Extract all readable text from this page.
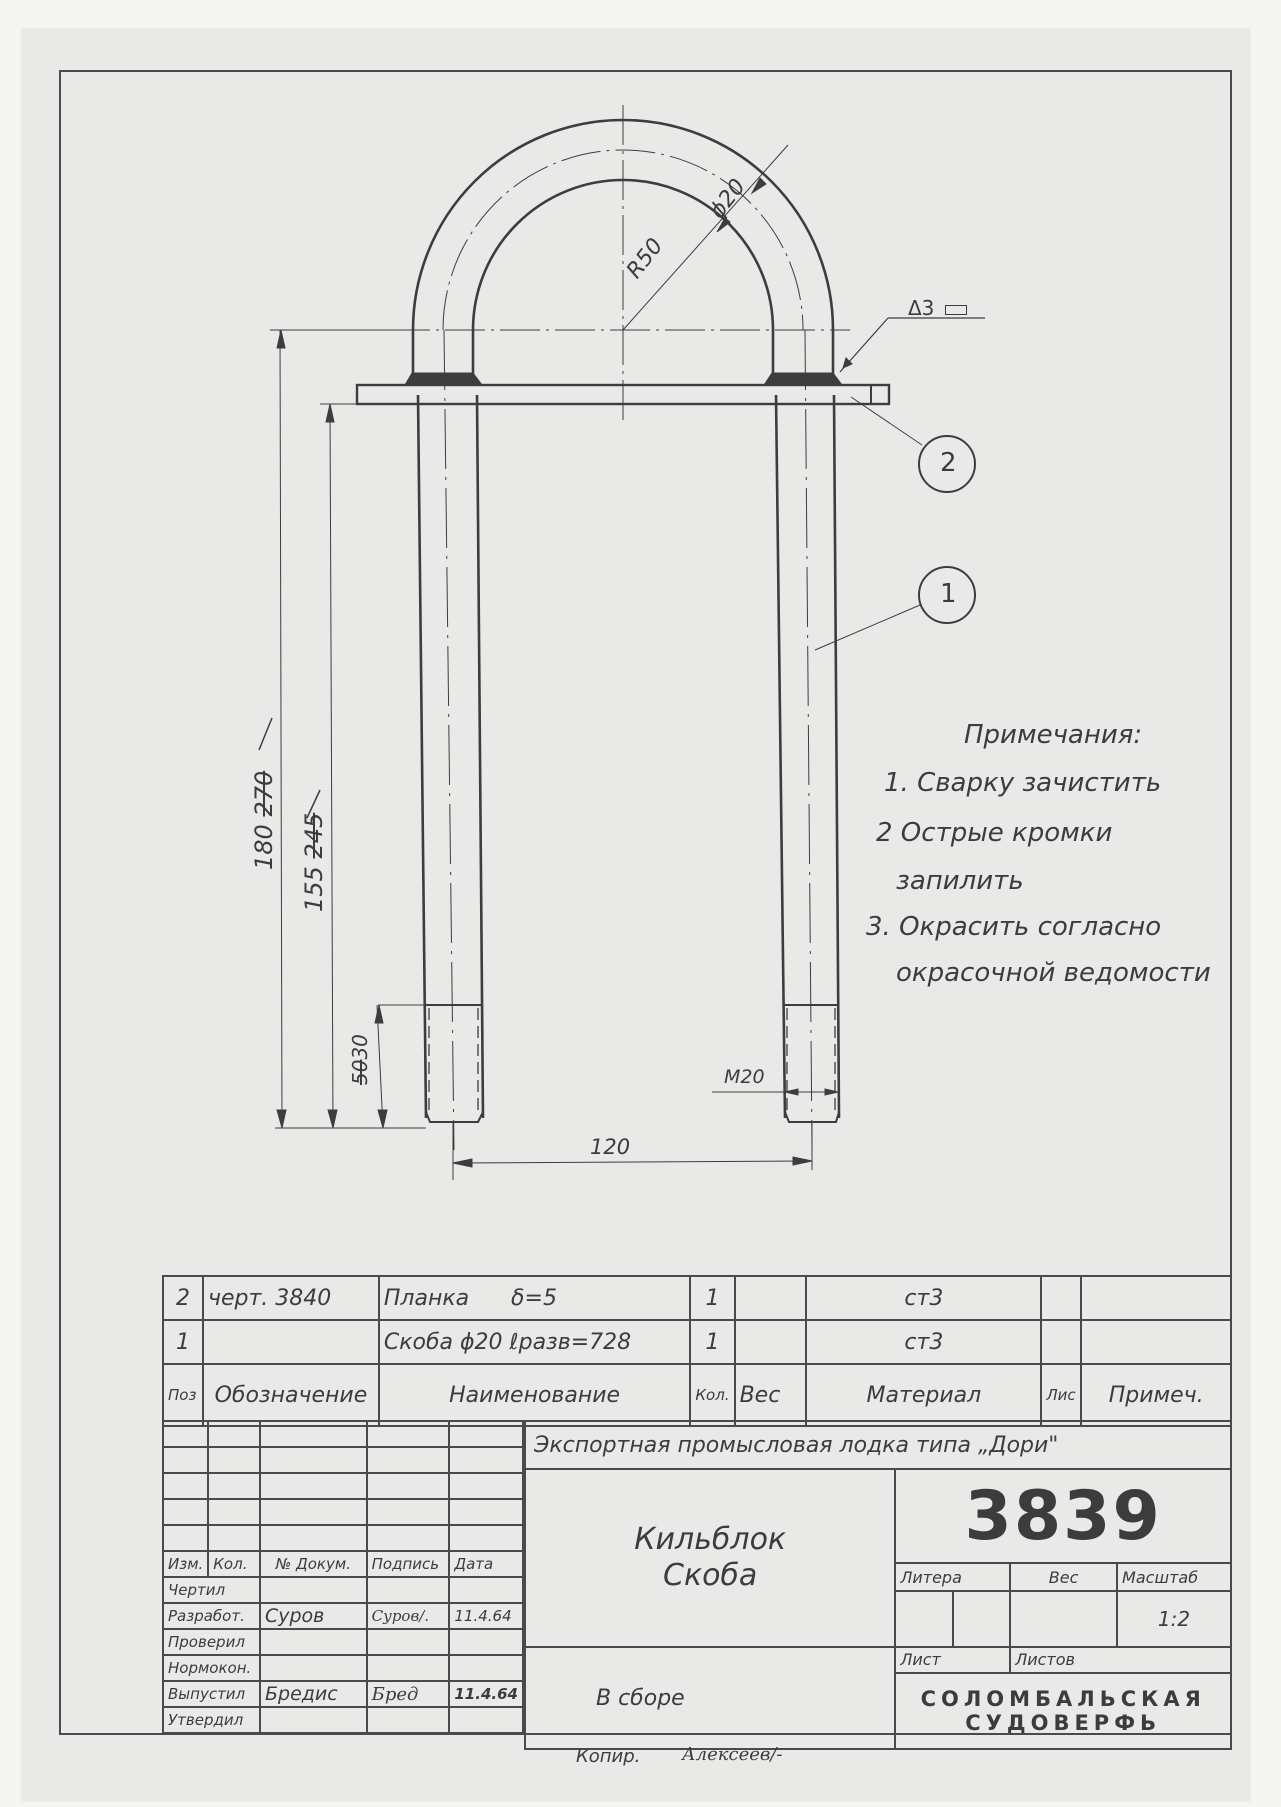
R50
ϕ20
Δ3
2
1
180 270
155 245
5030
M20
120
Примечания:
1. Сварку зачистить
2 Острые кромки
запилить
3. Окрасить согласно
окрасочной ведомости
2	черт. 3840	Планка      δ=5	1		ст3		
1		Скоба ϕ20 ℓразв=728	1		ст3		
Поз	Обозначение	Наименование	Кол.	Вес	Материал	Лис	Примеч.

Изм.	Кол.	№ Докум.	Подпись	Дата
Чертил				
Разработ.		Суров	Суров/.	11.4.64
Проверил				
Нормокон.				
Выпустил		Бредис	Бред	11.4.64
Утвердил				
Экспортная промысловая лодка типа „Дори"				

Кильблок
Скоба	3839			
	Литера		Вес	Масштаб
				1:2
В сборе	Лист		Листов	

	СОЛОМБАЛЬСКАЯ
СУДОВЕРФЬ			
Копир. Алексеев/-
